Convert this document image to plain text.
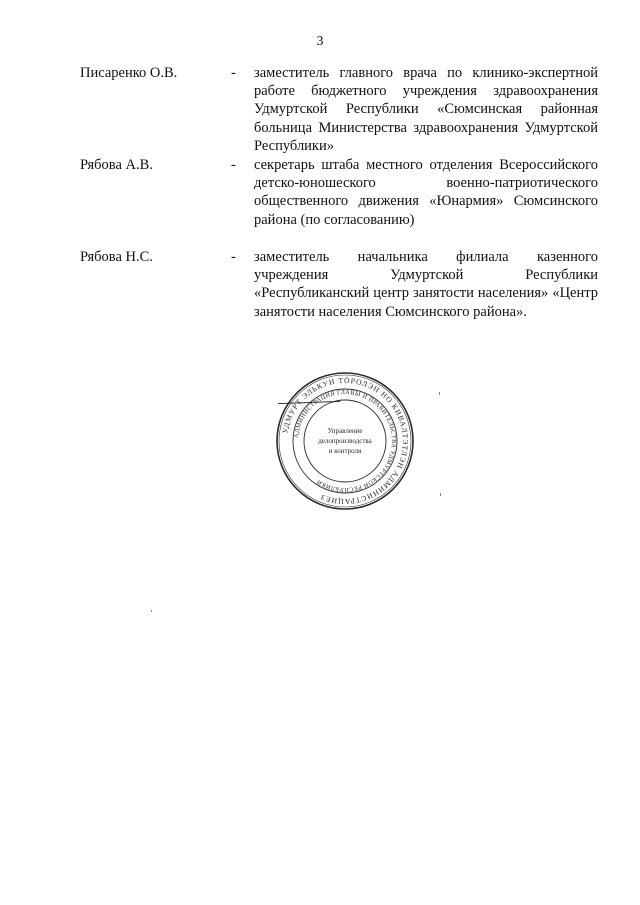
3
Писаренко О.В.	- заместитель главного врача по клинико-экспертной работе бюджетного учреждения здравоохранения Удмуртской Республики «Сюмсинская районная больница Министерства здравоохранения Удмуртской Республики»

Рябова А.В.	- секретарь штаба местного отделения Всероссийского детско-юношеского военно-патриотического общественного движения «Юнармия» Сюмсинского района (по согласованию)

Рябова Н.С.	- заместитель начальника филиала казенного учреждения Удмуртской Республики «Республиканский центр занятости населения» «Центр занятости населения Сюмсинского района».

УДМУРТ ЭЛЬКУН ТӦРОЛЭН НО КИВАЛТЭТЛЭН АДМИНИСТРАЦИЕЗ
АДМИНИСТРАЦИЯ ГЛАВЫ И ПРАВИТЕЛЬСТВА УДМУРТСКОЙ РЕСПУБЛИКИ
Управление
делопроизводства
и контроля
